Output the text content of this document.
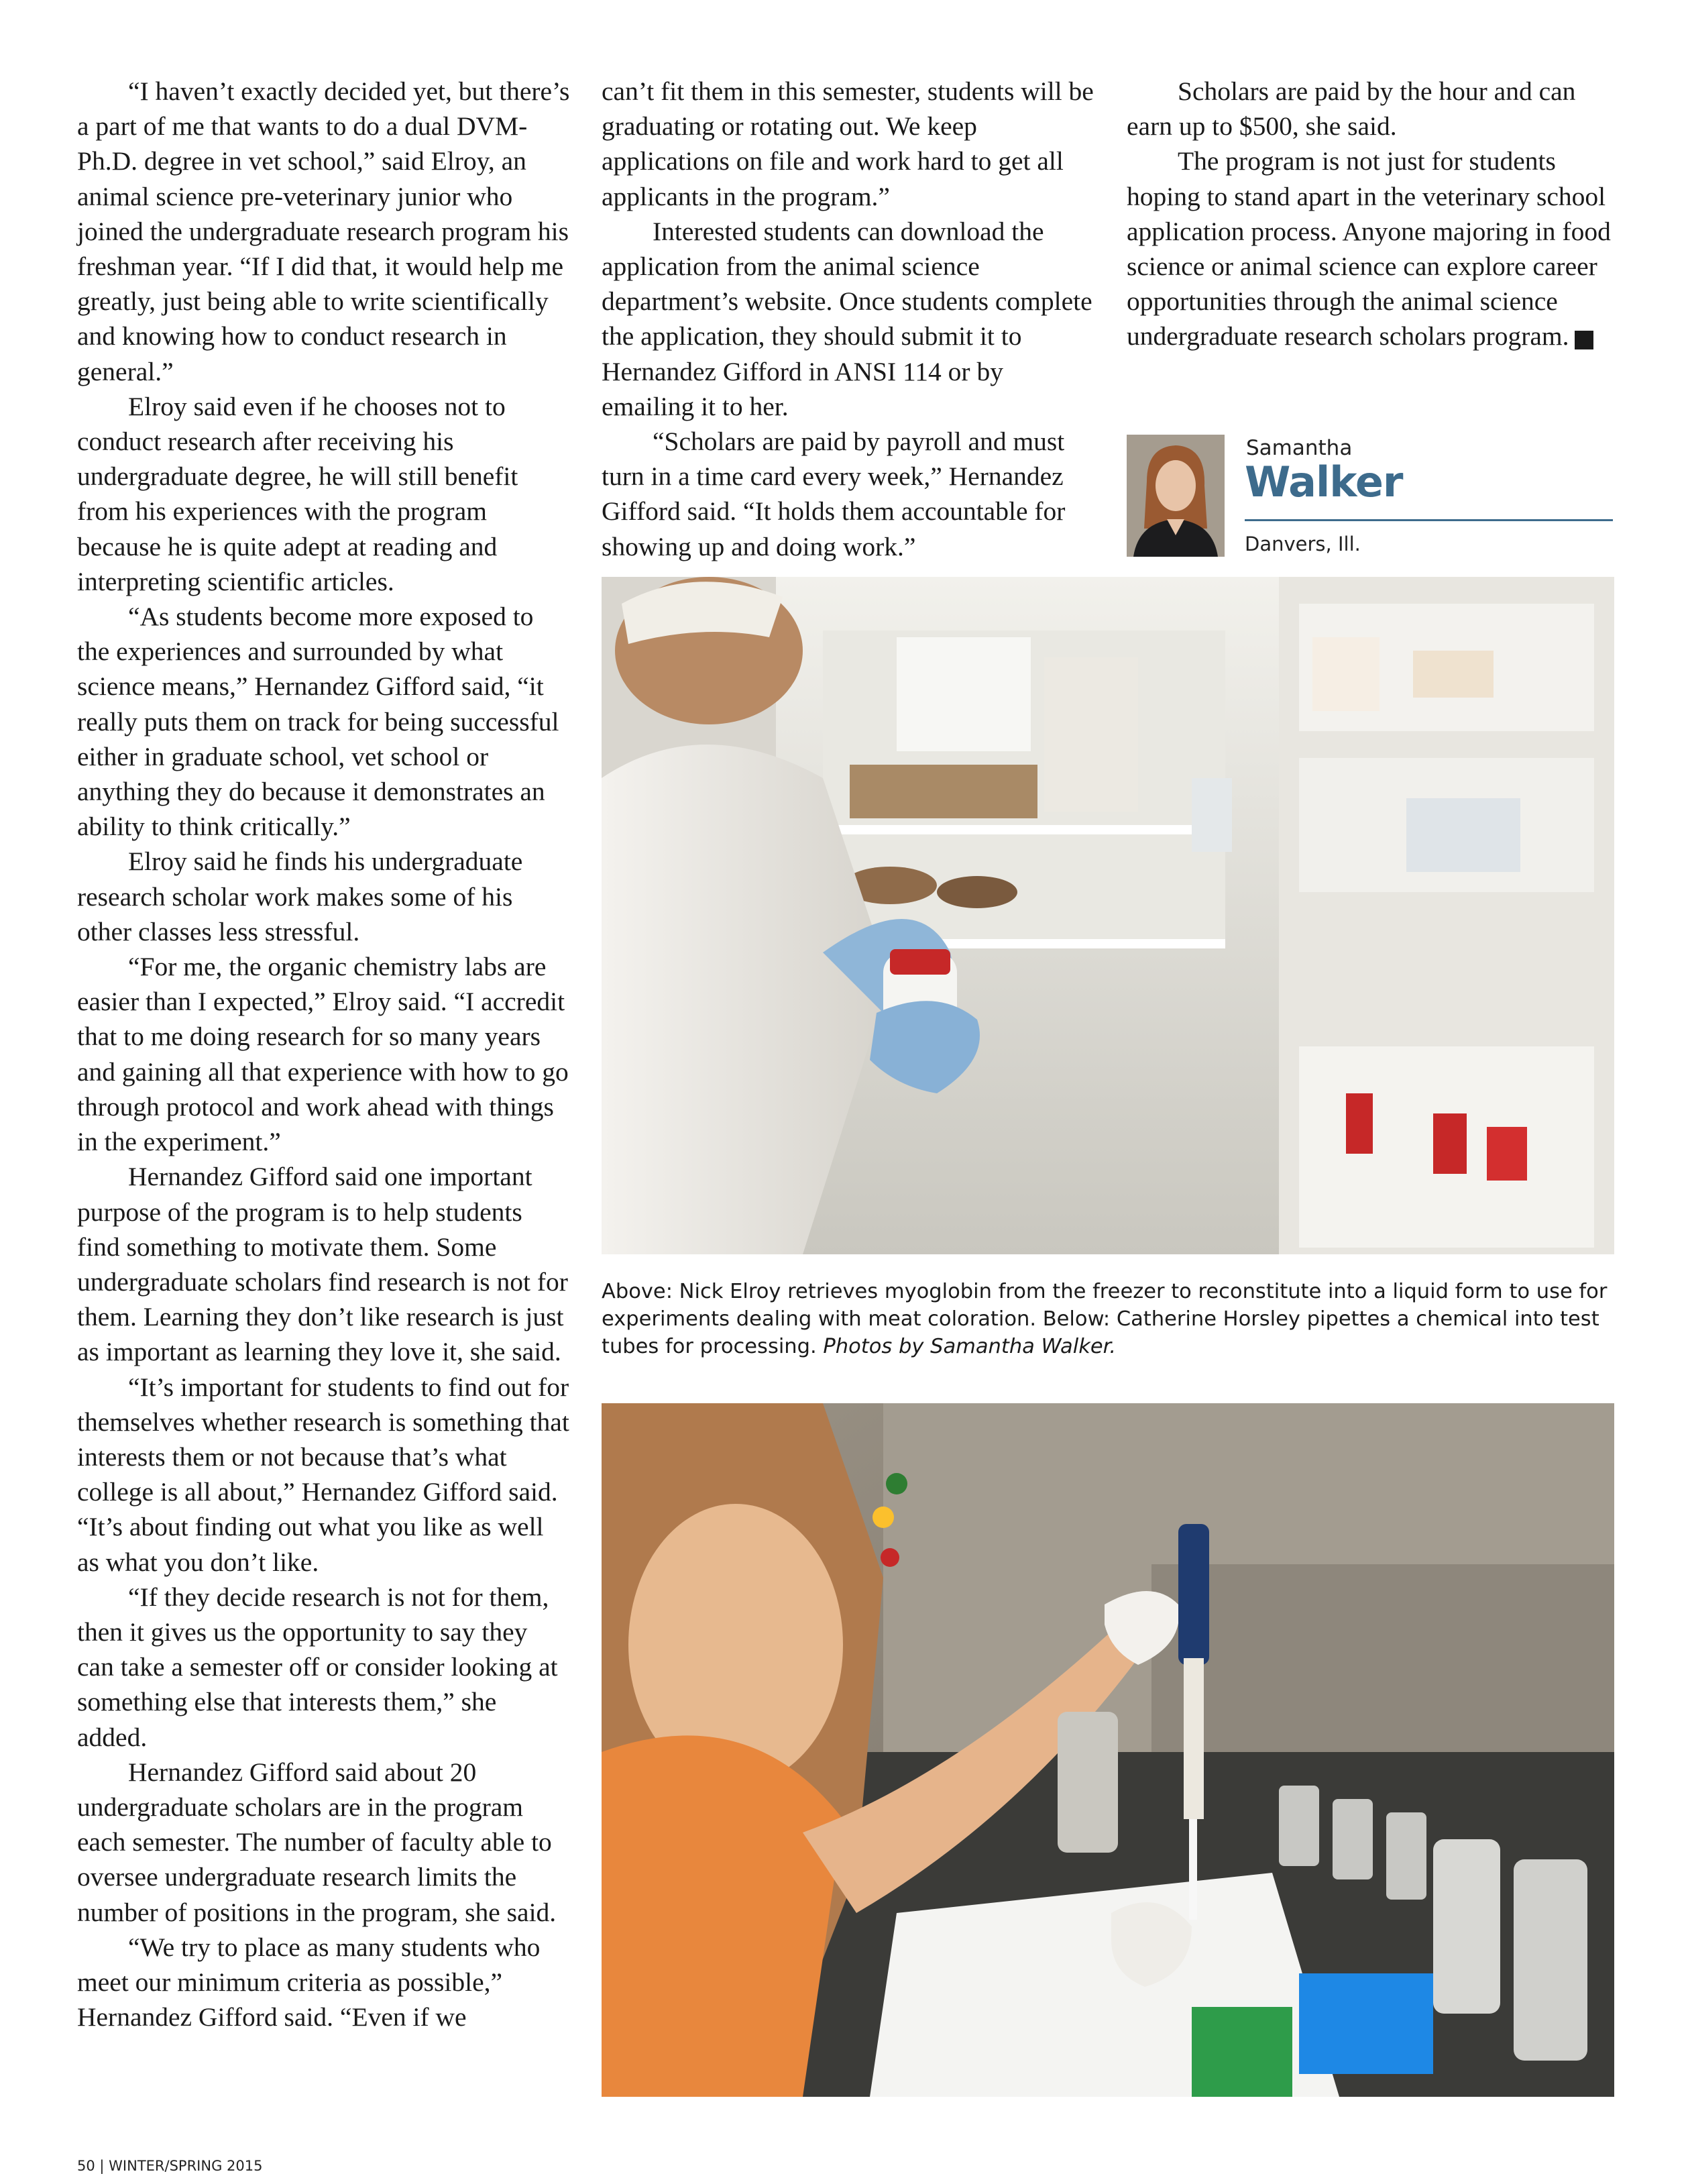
“I haven’t exactly decided yet, but there’s a part of me that wants to do a dual DVM-Ph.D. degree in vet school,” said Elroy, an animal science pre-veterinary junior who joined the undergraduate research program his freshman year. “If I did that, it would help me greatly, just being able to write scientifically and knowing how to conduct research in general.”

Elroy said even if he chooses not to conduct research after receiving his undergraduate degree, he will still benefit from his experiences with the program because he is quite adept at reading and interpreting scientific articles.

“As students become more exposed to the experiences and surrounded by what science means,” Hernandez Gifford said, “it really puts them on track for being successful either in graduate school, vet school or anything they do because it demonstrates an ability to think critically.”

Elroy said he finds his undergraduate research scholar work makes some of his other classes less stressful.

“For me, the organic chemistry labs are easier than I expected,” Elroy said. “I accredit that to me doing research for so many years and gaining all that experience with how to go through protocol and work ahead with things in the experiment.”

Hernandez Gifford said one important purpose of the program is to help students find something to motivate them. Some undergraduate scholars find research is not for them. Learning they don’t like research is just as important as learning they love it, she said.

“It’s important for students to find out for themselves whether research is something that interests them or not because that’s what college is all about,” Hernandez Gifford said. “It’s about finding out what you like as well as what you don’t like.

“If they decide research is not for them, then it gives us the opportunity to say they can take a semester off or consider looking at something else that interests them,” she added.

Hernandez Gifford said about 20 undergraduate scholars are in the program each semester. The number of faculty able to oversee undergraduate research limits the number of positions in the program, she said.

“We try to place as many students who meet our minimum criteria as possible,” Hernandez Gifford said. “Even if we

can’t fit them in this semester, students will be graduating or rotating out. We keep applications on file and work hard to get all applicants in the program.”

Interested students can download the application from the animal science department’s website. Once students complete the application, they should submit it to Hernandez Gifford in ANSI 114 or by emailing it to her.

“Scholars are paid by payroll and must turn in a time card every week,” Hernandez Gifford said. “It holds them accountable for showing up and doing work.”

Scholars are paid by the hour and can earn up to $500, she said.

The program is not just for students hoping to stand apart in the veterinary school application process. Anyone majoring in food science or animal science can explore career opportunities through the animal science undergraduate research scholars program.	CJ

Samantha
Walker
Danvers, Ill.
Above: Nick Elroy retrieves myoglobin from the freezer to reconstitute into a liquid form to use for experiments dealing with meat coloration. Below: Catherine Horsley pipettes a chemical into test tubes for processing. Photos by Samantha Walker.
50 | WINTER/SPRING 2015
